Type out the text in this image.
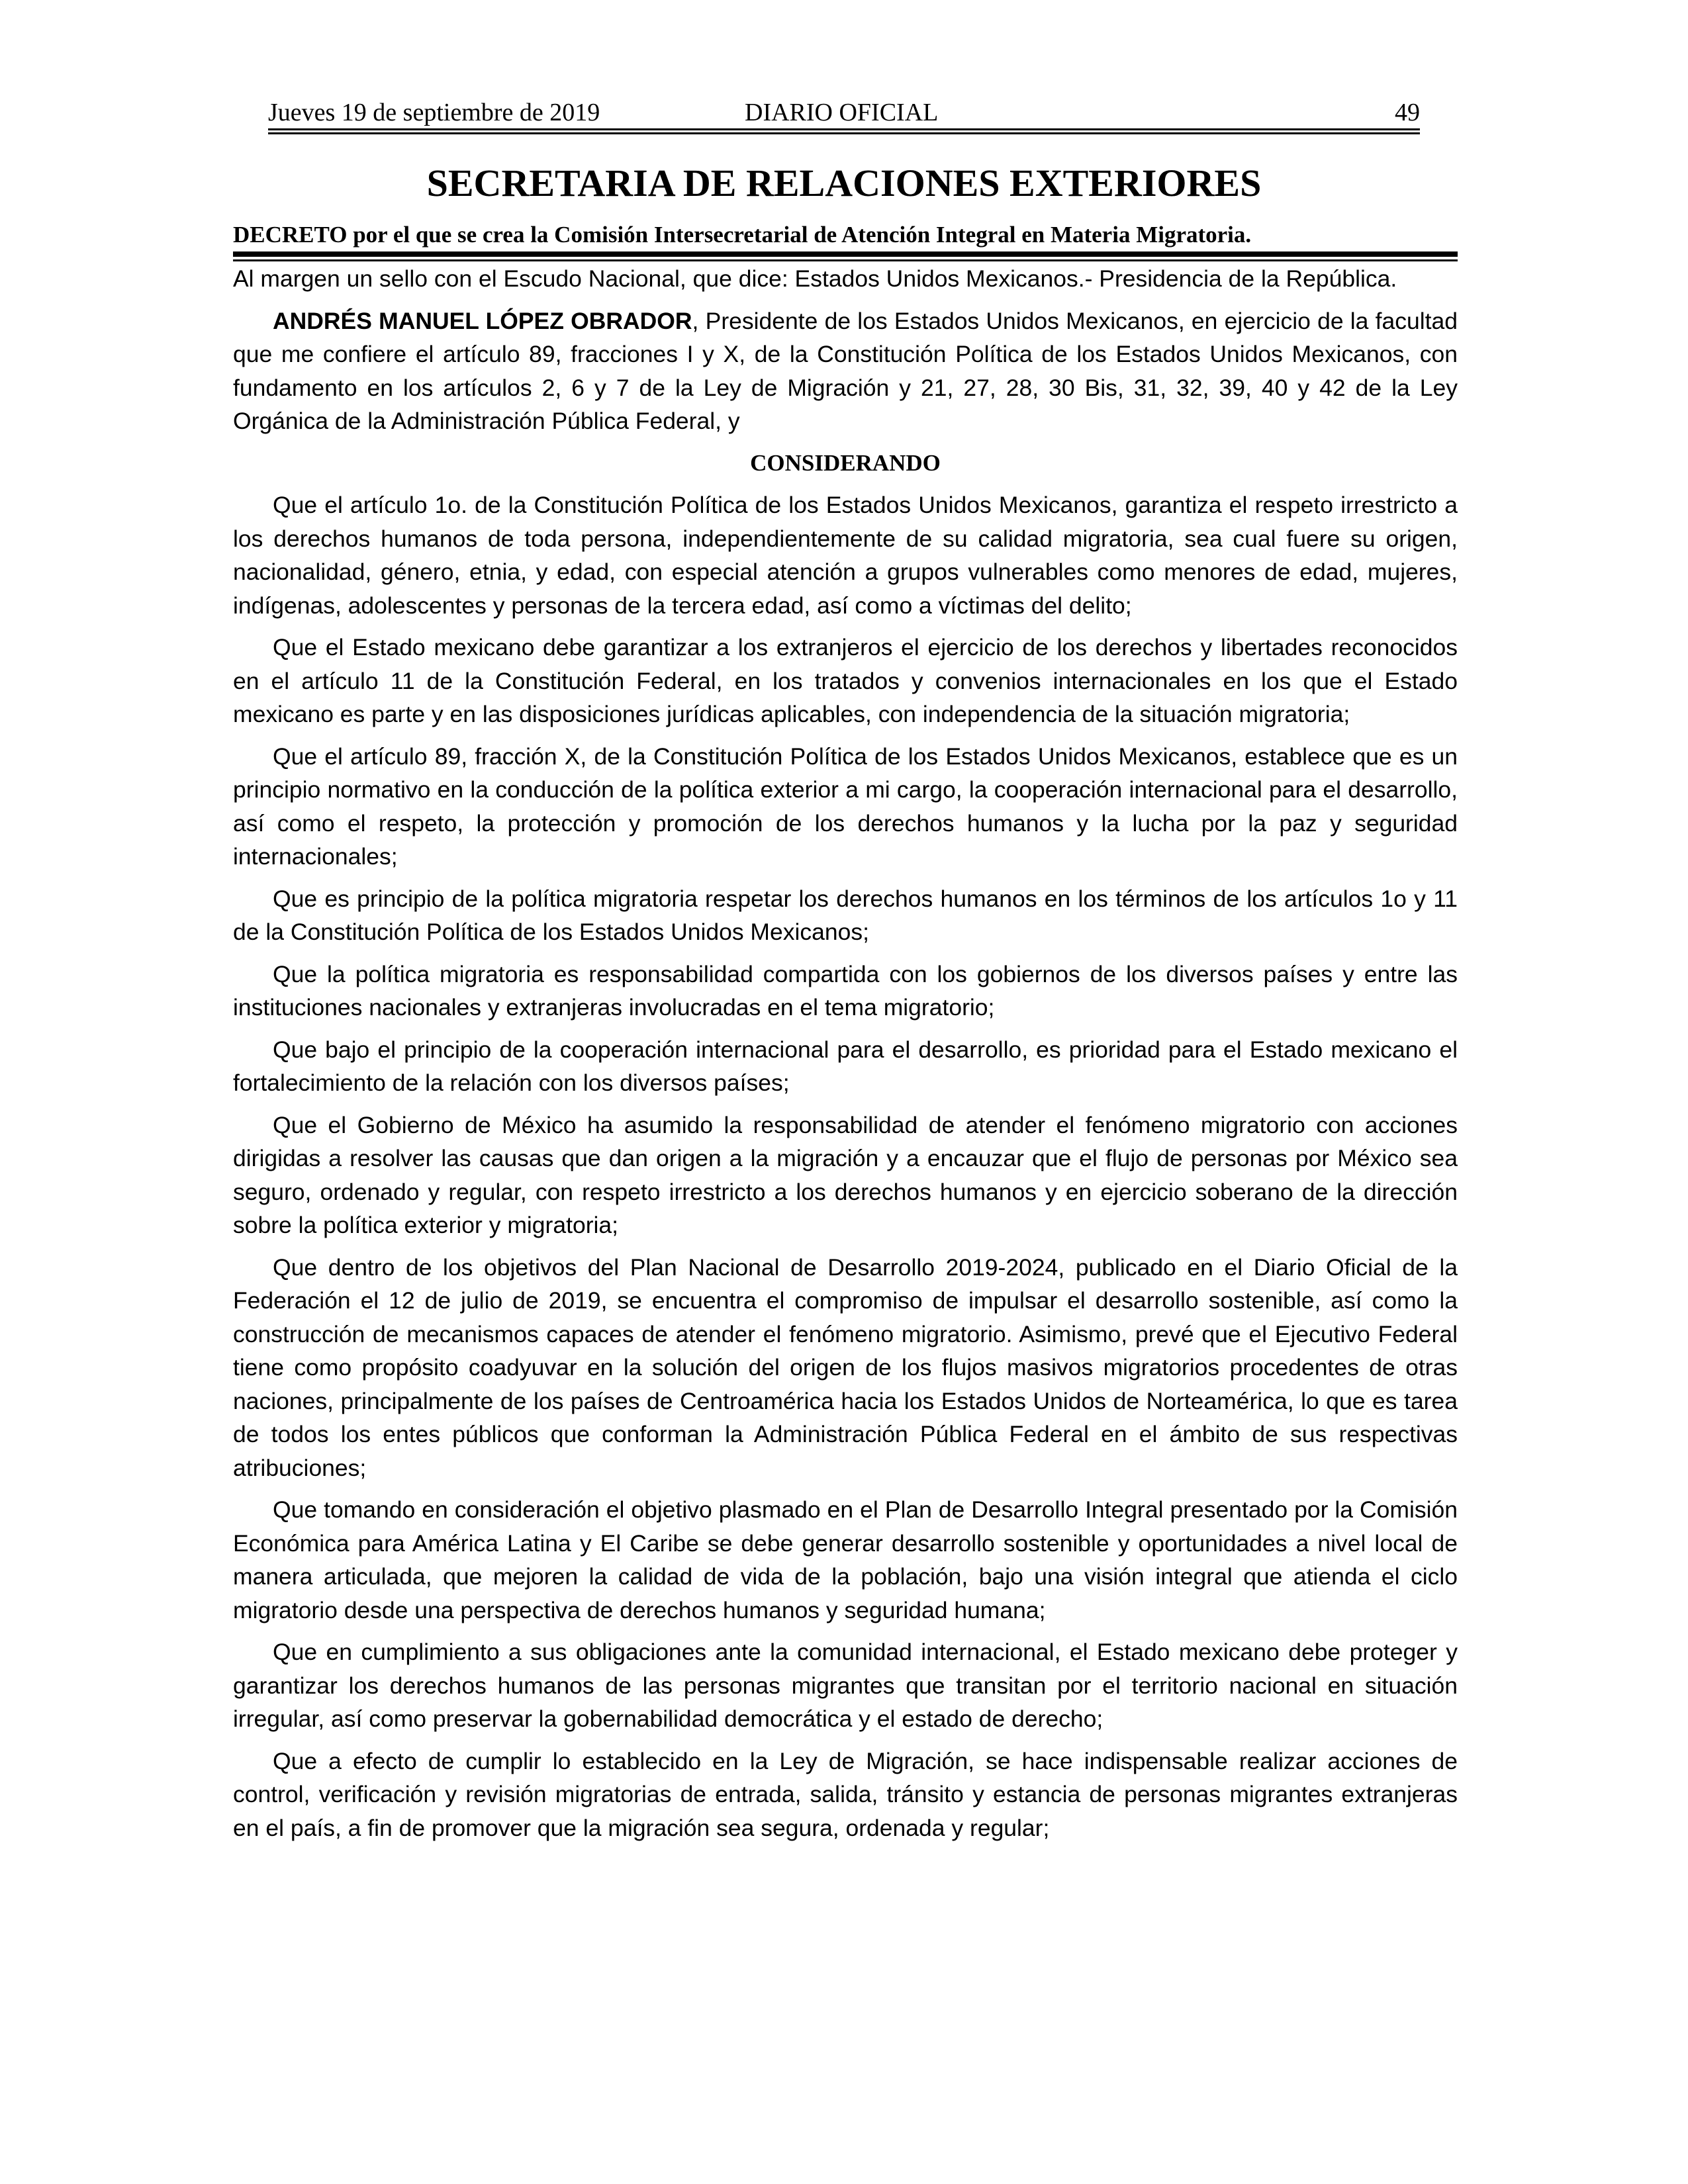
Jueves 19 de septiembre de 2019	DIARIO OFICIAL	49
SECRETARIA DE RELACIONES EXTERIORES
DECRETO por el que se crea la Comisión Intersecretarial de Atención Integral en Materia Migratoria.

Al margen un sello con el Escudo Nacional, que dice: Estados Unidos Mexicanos.- Presidencia de la República.

ANDRÉS MANUEL LÓPEZ OBRADOR, Presidente de los Estados Unidos Mexicanos, en ejercicio de la facultad que me confiere el artículo 89, fracciones I y X, de la Constitución Política de los Estados Unidos Mexicanos, con fundamento en los artículos 2, 6 y 7 de la Ley de Migración y 21, 27, 28, 30 Bis, 31, 32, 39, 40 y 42 de la Ley Orgánica de la Administración Pública Federal, y

CONSIDERANDO

Que el artículo 1o. de la Constitución Política de los Estados Unidos Mexicanos, garantiza el respeto irrestricto a los derechos humanos de toda persona, independientemente de su calidad migratoria, sea cual fuere su origen, nacionalidad, género, etnia, y edad, con especial atención a grupos vulnerables como menores de edad, mujeres, indígenas, adolescentes y personas de la tercera edad, así como a víctimas del delito;

Que el Estado mexicano debe garantizar a los extranjeros el ejercicio de los derechos y libertades reconocidos en el artículo 11 de la Constitución Federal, en los tratados y convenios internacionales en los que el Estado mexicano es parte y en las disposiciones jurídicas aplicables, con independencia de la situación migratoria;

Que el artículo 89, fracción X, de la Constitución Política de los Estados Unidos Mexicanos, establece que es un principio normativo en la conducción de la política exterior a mi cargo, la cooperación internacional para el desarrollo, así como el respeto, la protección y promoción de los derechos humanos y la lucha por la paz y seguridad internacionales;

Que es principio de la política migratoria respetar los derechos humanos en los términos de los artículos 1o y 11 de la Constitución Política de los Estados Unidos Mexicanos;

Que la política migratoria es responsabilidad compartida con los gobiernos de los diversos países y entre las instituciones nacionales y extranjeras involucradas en el tema migratorio;

Que bajo el principio de la cooperación internacional para el desarrollo, es prioridad para el Estado mexicano el fortalecimiento de la relación con los diversos países;

Que el Gobierno de México ha asumido la responsabilidad de atender el fenómeno migratorio con acciones dirigidas a resolver las causas que dan origen a la migración y a encauzar que el flujo de personas por México sea seguro, ordenado y regular, con respeto irrestricto a los derechos humanos y en ejercicio soberano de la dirección sobre la política exterior y migratoria;

Que dentro de los objetivos del Plan Nacional de Desarrollo 2019-2024, publicado en el Diario Oficial de la Federación el 12 de julio de 2019, se encuentra el compromiso de impulsar el desarrollo sostenible, así como la construcción de mecanismos capaces de atender el fenómeno migratorio. Asimismo, prevé que el Ejecutivo Federal tiene como propósito coadyuvar en la solución del origen de los flujos masivos migratorios procedentes de otras naciones, principalmente de los países de Centroamérica hacia los Estados Unidos de Norteamérica, lo que es tarea de todos los entes públicos que conforman la Administración Pública Federal en el ámbito de sus respectivas atribuciones;

Que tomando en consideración el objetivo plasmado en el Plan de Desarrollo Integral presentado por la Comisión Económica para América Latina y El Caribe se debe generar desarrollo sostenible y oportunidades a nivel local de manera articulada, que mejoren la calidad de vida de la población, bajo una visión integral que atienda el ciclo migratorio desde una perspectiva de derechos humanos y seguridad humana;

Que en cumplimiento a sus obligaciones ante la comunidad internacional, el Estado mexicano debe proteger y garantizar los derechos humanos de las personas migrantes que transitan por el territorio nacional en situación irregular, así como preservar la gobernabilidad democrática y el estado de derecho;

Que a efecto de cumplir lo establecido en la Ley de Migración, se hace indispensable realizar acciones de control, verificación y revisión migratorias de entrada, salida, tránsito y estancia de personas migrantes extranjeras en el país, a fin de promover que la migración sea segura, ordenada y regular;
